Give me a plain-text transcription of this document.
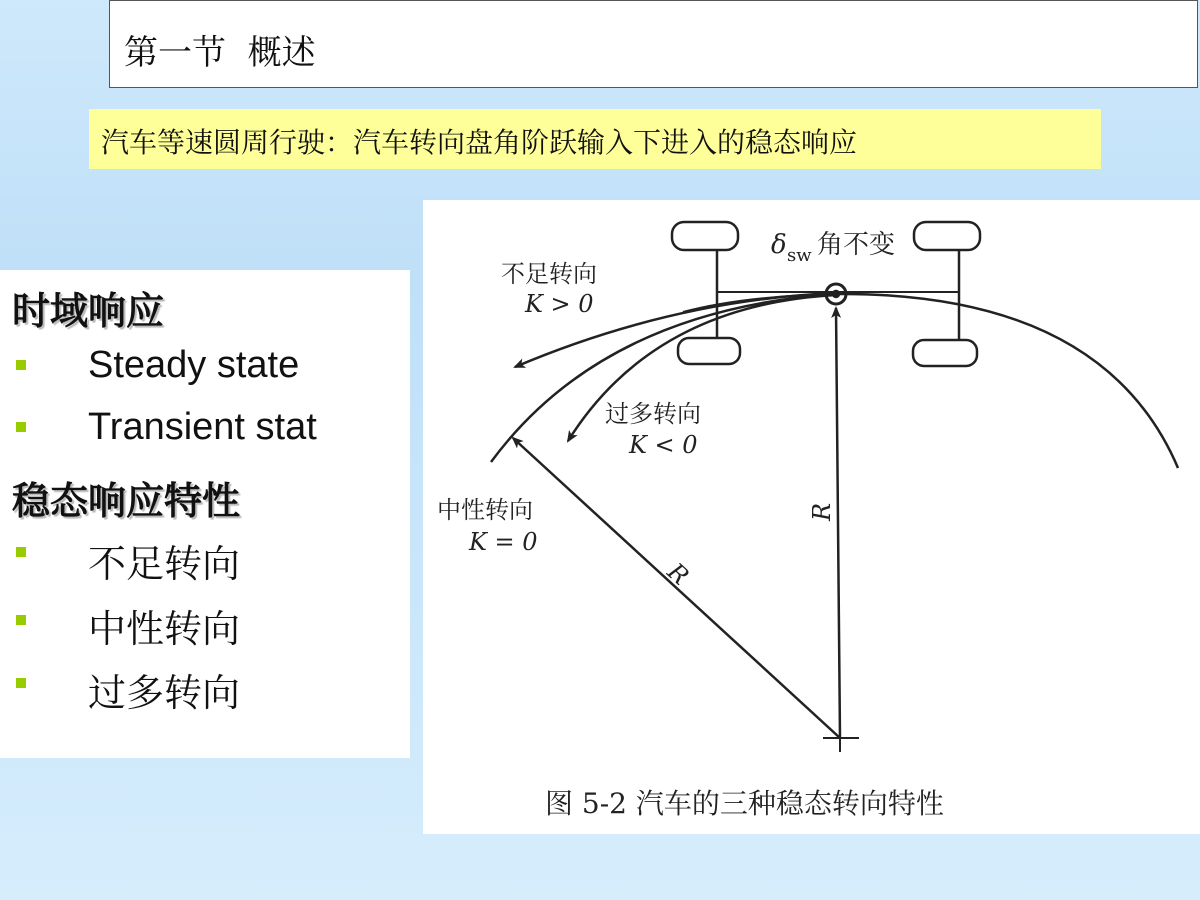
第一节  概述
汽车等速圆周行驶：汽车转向盘角阶跃输入下进入的稳态响应
时域响应
Steady state
Transient stat
稳态响应特性
不足转向
中性转向
过多转向
δ sw 角不变
不足转向
K > 0
过多转向
K < 0
中性转向
K = 0
R
R
图 5-2 汽车的三种稳态转向特性
